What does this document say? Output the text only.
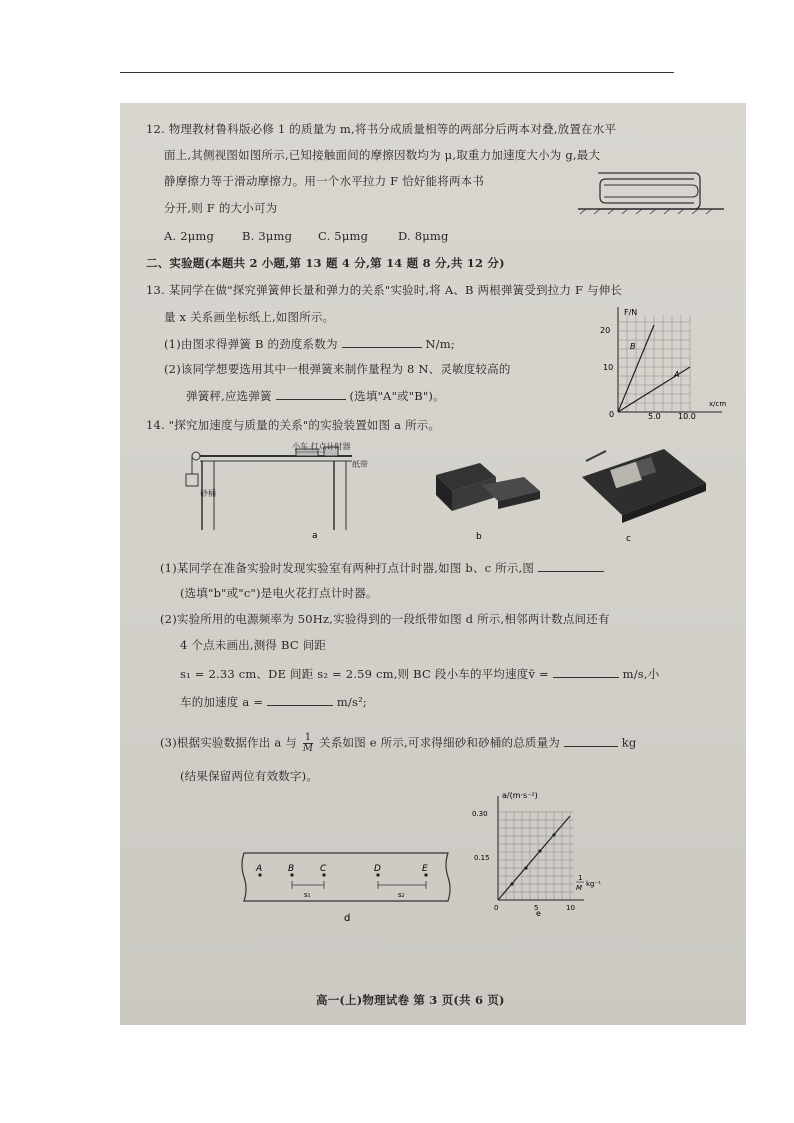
12. 物理教材鲁科版必修 1 的质量为 m,将书分成质量相等的两部分后两本对叠,放置在水平
面上,其侧视图如图所示,已知接触面间的摩擦因数均为 μ,取重力加速度大小为 g,最大
静摩擦力等于滑动摩擦力。用一个水平拉力 F 恰好能将两本书
分开,则 F 的大小可为
A. 2μmg B. 3μmg C. 5μmg	D. 8μmg
二、实验题(本题共 2 小题,第 13 题 4 分,第 14 题 8 分,共 12 分)
13. 某同学在做"探究弹簧伸长量和弹力的关系"实验时,将 A、B 两根弹簧受到拉力 F 与伸长
量 x 关系画坐标纸上,如图所示。
(1)由图求得弹簧 B 的劲度系数为	N/m;
(2)该同学想要选用其中一根弹簧来制作量程为 8 N、灵敏度较高的
弹簧秤,应选弹簧	(选填"A"或"B")。
F/N
x/cm
20
10
0	5.0 10.0
B
A
14. "探究加速度与质量的关系"的实验装置如图 a 所示。
a
小车 打点计时器
纸带
砂桶
b	c
(1)某同学在准备实验时发现实验室有两种打点计时器,如图 b、c 所示,图
(选填"b"或"c")是电火花打点计时器。
(2)实验所用的电源频率为 50Hz,实验得到的一段纸带如图 d 所示,相邻两计数点间还有
4 个点未画出,测得 BC 间距
s₁ = 2.33 cm、DE 间距 s₂ = 2.59 cm,则 BC 段小车的平均速度v̄ =	m/s,小
车的加速度 a =	m/s²;
(3)根据实验数据作出 a 与 $\frac{1}{M}$ 关系如图 e 所示,可求得细砂和砂桶的总质量为	kg
(结果保留两位有效数字)。
A	B	C	D	E
s₁	s₂
d
a/(m·s⁻²)
0.30
0.15
0	5	10
1
M kg⁻¹
e
高一(上)物理试卷 第 3 页(共 6 页)
